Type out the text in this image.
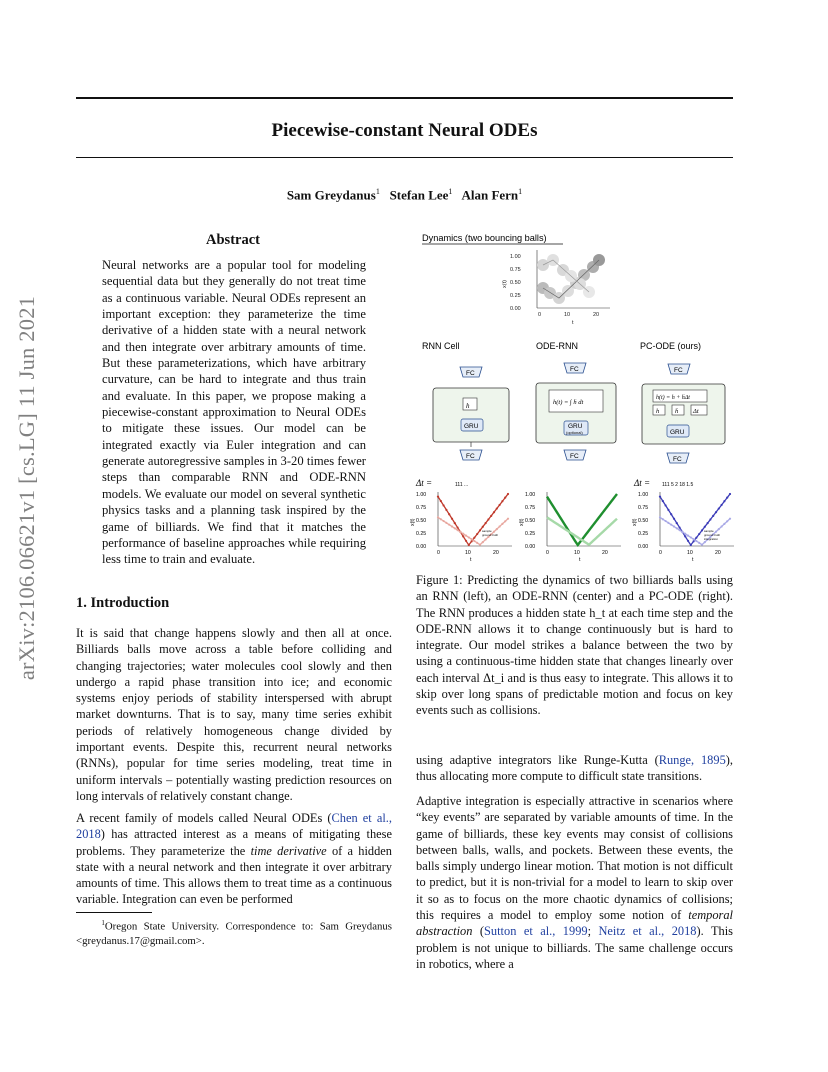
arXiv:2106.06621v1 [cs.LG] 11 Jun 2021
Piecewise-constant Neural ODEs
Sam Greydanus$^1$ Stefan Lee$^1$ Alan Fern$^1$
Abstract
Neural networks are a popular tool for modeling sequential data but they generally do not treat time as a continuous variable. Neural ODEs represent an important exception: they parameterize the time derivative of a hidden state with a neural network and then integrate over arbitrary amounts of time. But these parameterizations, which have arbitrary curvature, can be hard to integrate and thus train and evaluate. In this paper, we propose making a piecewise-constant approximation to Neural ODEs to mitigate these issues. Our model can be integrated exactly via Euler integration and can generate autoregressive samples in 3-20 times fewer steps than comparable RNN and ODE-RNN models. We evaluate our model on several synthetic physics tasks and a planning task inspired by the game of billiards. We find that it matches the performance of baseline approaches while requiring less time to train and evaluate.
1. Introduction
It is said that change happens slowly and then all at once. Billiards balls move across a table before colliding and changing trajectories; water molecules cool slowly and then undergo a rapid phase transition into ice; and economic systems enjoy periods of stability interspersed with abrupt market downturns. That is to say, many time series exhibit periods of relatively homogeneous change divided by important events. Despite this, recurrent neural networks (RNNs), popular for time series modeling, treat time in uniform intervals – potentially wasting prediction resources on long intervals of relatively constant change.
A recent family of models called Neural ODEs (Chen et al., 2018) has attracted interest as a means of mitigating these problems. They parameterize the time derivative of a hidden state with a neural network and then integrate it over arbitrary amounts of time. This allows them to treat time as a continuous variable. Integration can even be performed
$^1$Oregon State University. Correspondence to: Sam Greydanus <greydanus.17@gmail.com>.
Dynamics (two bouncing balls)
1.00
0.75
0.50
0.25
0.00
0	10	20
t
x(t)
RNN Cell	ODE-RNN	PC-ODE (ours)
FC
h
GRU
FC
FC
h(t) = ∫ ḣ dt
GRU
(optional)
FC
FC
h(t) = h + ḣΔt
h ḣ Δt
GRU
FC
Δt =	111 ...	Δt = 111 5 2 18 1.5
1.00
0.75
0.50
0.25
0.00
0	10	20
t
x(t)
sample
ground truth
1.00
0.75
0.50
0.25
0.00
0	10	20
t
x(t)
1.00
0.75
0.50
0.25
0.00
0	10	20
t
x(t)
sample
ground truth
integration
Figure 1: Predicting the dynamics of two billiards balls using an RNN (left), an ODE-RNN (center) and a PC-ODE (right). The RNN produces a hidden state h_t at each time step and the ODE-RNN allows it to change continuously but is hard to integrate. Our model strikes a balance between the two by using a continuous-time hidden state that changes linearly over each interval Δt_i and is thus easy to integrate. This allows it to skip over long spans of predictable motion and focus on key events such as collisions.
using adaptive integrators like Runge-Kutta (Runge, 1895), thus allocating more compute to difficult state transitions.
Adaptive integration is especially attractive in scenarios where “key events” are separated by variable amounts of time. In the game of billiards, these key events may consist of collisions between balls, walls, and pockets. Between these events, the balls simply undergo linear motion. That motion is not difficult to predict, but it is non-trivial for a model to learn to skip over it so as to focus on the more chaotic dynamics of collisions; this requires a model to employ some notion of temporal abstraction (Sutton et al., 1999; Neitz et al., 2018). This problem is not unique to billiards. The same challenge occurs in robotics, where a
